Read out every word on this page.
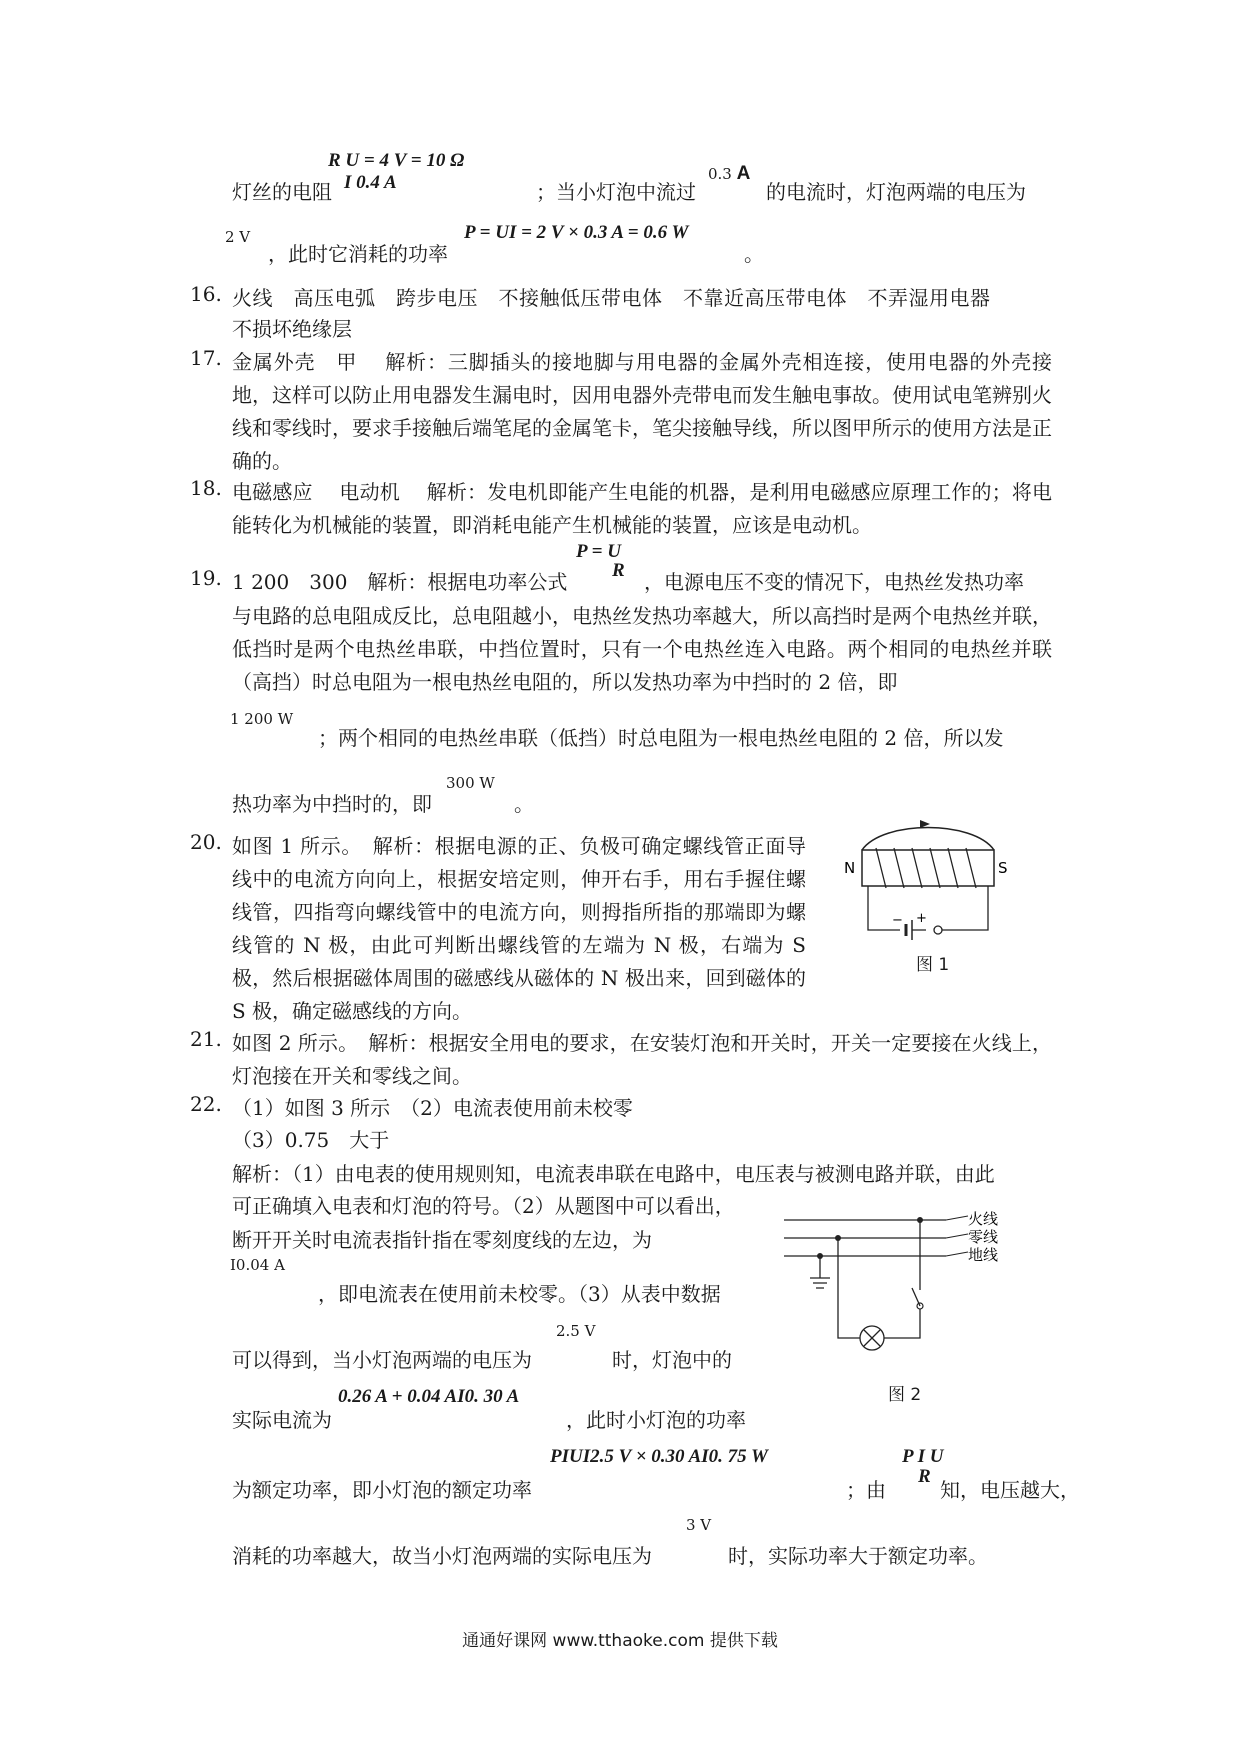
灯丝的电阻
R U = 4 V = 10 Ω
I 0.4 A	；当小灯泡中流过
0.3 A
的电流时，灯泡两端的电压为
2 V
，此时它消耗的功率
P = UI = 2 V × 0.3 A = 0.6 W
。
16. 火线　高压电弧　跨步电压　不接触低压带电体　不靠近高压带电体　不弄湿用电器
不损坏绝缘层
17. 金属外壳　甲　 解析：三脚插头的接地脚与用电器的金属外壳相连接，使用电器的外壳接地，这样可以防止用电器发生漏电时，因用电器外壳带电而发生触电事故。使用试电笔辨别火线和零线时，要求手接触后端笔尾的金属笔卡，笔尖接触导线，所以图甲所示的使用方法是正确的。
18. 电磁感应　 电动机　 解析：发电机即能产生电能的机器，是利用电磁感应原理工作的；将电能转化为机械能的装置，即消耗电能产生机械能的装置，应该是电动机。
19. 1 200　300　解析：根据电功率公式
P = U
R ，电源电压不变的情况下，电热丝发热功率
与电路的总电阻成反比，总电阻越小，电热丝发热功率越大，所以高挡时是两个电热丝并联，低挡时是两个电热丝串联，中挡位置时，只有一个电热丝连入电路。两个相同的电热丝并联（高挡）时总电阻为一根电热丝电阻的，所以发热功率为中挡时的 2 倍，即
1 200 W
；两个相同的电热丝串联（低挡）时总电阻为一根电热丝电阻的 2 倍，所以发
热功率为中挡时的，即
300 W
。
20. 如图 1 所示。　解析：根据电源的正、负极可确定螺线管正面导线中的电流方向向上，根据安培定则，伸开右手，用右手握住螺线管，四指弯向螺线管中的电流方向，则拇指所指的那端即为螺线管的 N 极，由此可判断出螺线管的左端为 N 极，右端为 S 极，然后根据磁体周围的磁感线从磁体的 N 极出来，回到磁体的 S 极，确定磁感线的方向。
N	S
− +
图 1
21. 如图 2 所示。　解析：根据安全用电的要求，在安装灯泡和开关时，开关一定要接在火线上，灯泡接在开关和零线之间。
22. （1）如图 3 所示　（2）电流表使用前未校零
（3）0.75　大于
解析：（1）由电表的使用规则知，电流表串联在电路中，电压表与被测电路并联，由此
可正确填入电表和灯泡的符号。（2）从题图中可以看出，
断开开关时电流表指针指在零刻度线的左边，为
I0.04 A
，即电流表在使用前未校零。（3）从表中数据
可以得到，当小灯泡两端的电压为
2.5 V
时，灯泡中的
实际电流为
0.26 A + 0.04 AI0. 30 A
，此时小灯泡的功率
为额定功率，即小灯泡的额定功率
PIUI2.5 V × 0.30 AI0. 75 W
；由
P I U
R
知，电压越大，
消耗的功率越大，故当小灯泡两端的实际电压为
3 V
时，实际功率大于额定功率。
火线
零线
地线
图 2
通通好课网 www.tthaoke.com 提供下载
